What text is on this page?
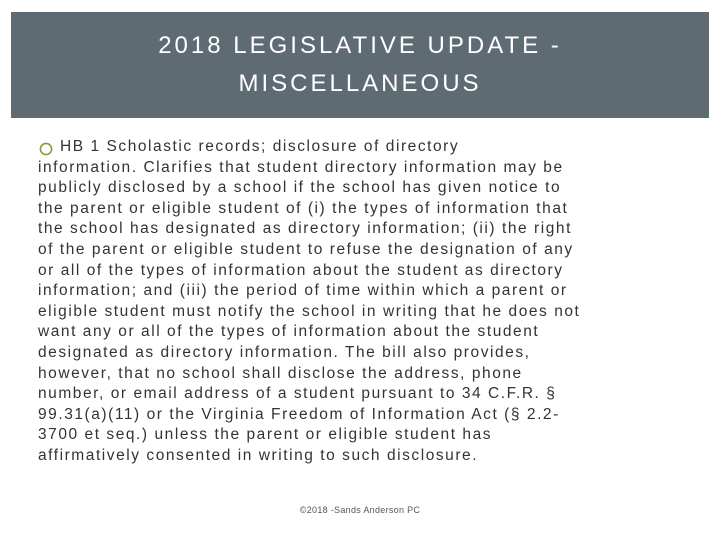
2018 LEGISLATIVE UPDATE -
MISCELLANEOUS

HB 1 Scholastic records; disclosure of directory
information. Clarifies that student directory information may be
publicly disclosed by a school if the school has given notice to
the parent or eligible student of (i) the types of information that
the school has designated as directory information; (ii) the right
of the parent or eligible student to refuse the designation of any
or all of the types of information about the student as directory
information; and (iii) the period of time within which a parent or
eligible student must notify the school in writing that he does not
want any or all of the types of information about the student
designated as directory information. The bill also provides,
however, that no school shall disclose the address, phone
number, or email address of a student pursuant to 34 C.F.R. §
99.31(a)(11) or the Virginia Freedom of Information Act (§ 2.2-
3700 et seq.) unless the parent or eligible student has
affirmatively consented in writing to such disclosure.

©2018 -Sands Anderson PC
